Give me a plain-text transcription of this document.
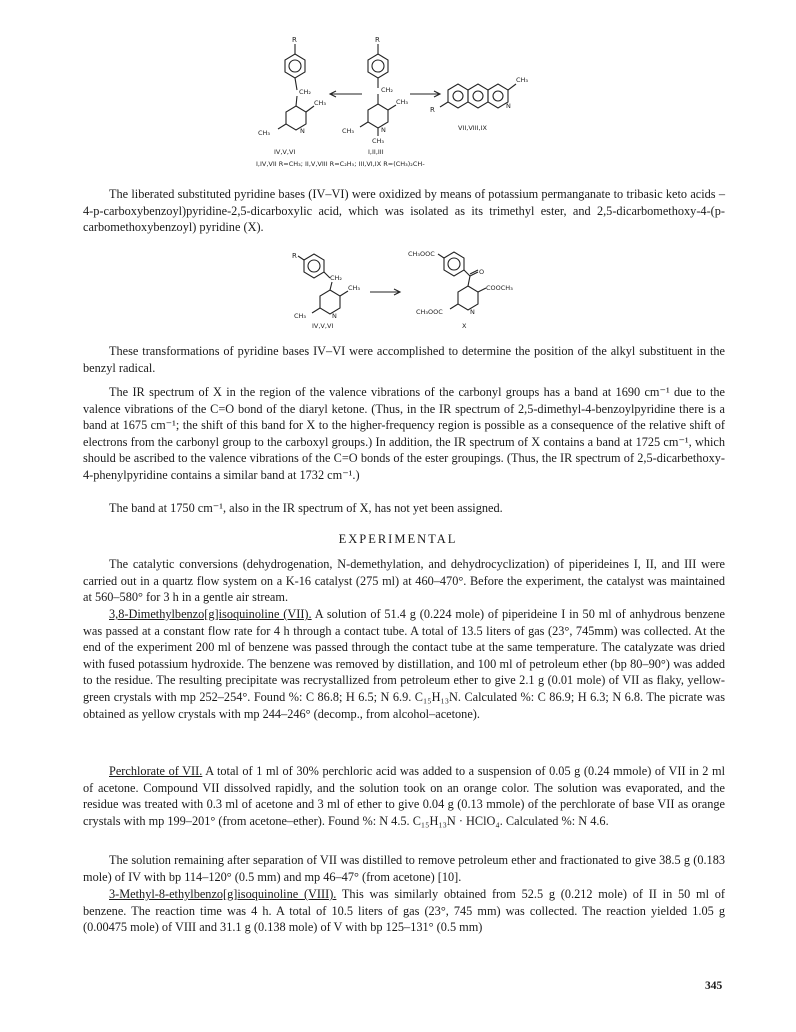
R
CH₂
CH₃
CH₃	N
IV,V,VI
R
CH₂
CH₃
CH₃	N
CH₃
I,II,III
R
CH₃
N
VII,VIII,IX
I,IV,VII R=CH₃; II,V,VIII R=C₂H₅; III,VI,IX R=(CH₃)₂CH-

The liberated substituted pyridine bases (IV–VI) were oxidized by means of potassium permanganate to tribasic keto acids – 4-p-carboxybenzoyl)pyridine-2,5-dicarboxylic acid, which was isolated as its trimethyl ester, and 2,5-dicarbomethoxy-4-(p-carbomethoxybenzoyl) pyridine (X).

R
CH₂
CH₃
CH₃	N
IV,V,VI
CH₃OOC
O
COOCH₃
CH₃OOC	N
X

These transformations of pyridine bases IV–VI were accomplished to determine the position of the alkyl substituent in the benzyl radical.

The IR spectrum of X in the region of the valence vibrations of the carbonyl groups has a band at 1690 cm⁻¹ due to the valence vibrations of the C=O bond of the diaryl ketone. (Thus, in the IR spectrum of 2,5-dimethyl-4-benzoylpyridine there is a band at 1675 cm⁻¹; the shift of this band for X to the higher-frequency region is possible as a consequence of the relative shift of electrons from the carbonyl group to the carboxyl groups.) In addition, the IR spectrum of X contains a band at 1725 cm⁻¹, which should be ascribed to the valence vibrations of the C=O bonds of the ester groupings. (Thus, the IR spectrum of 2,5-dicarbethoxy-4-phenylpyridine contains a similar band at 1732 cm⁻¹.)

The band at 1750 cm⁻¹, also in the IR spectrum of X, has not yet been assigned.

EXPERIMENTAL

The catalytic conversions (dehydrogenation, N-demethylation, and dehydrocyclization) of piperideines I, II, and III were carried out in a quartz flow system on a K-16 catalyst (275 ml) at 460–470°. Before the experiment, the catalyst was maintained at 560–580° for 3 h in a gentle air stream.

3,8-Dimethylbenzo[g]isoquinoline (VII). A solution of 51.4 g (0.224 mole) of piperideine I in 50 ml of anhydrous benzene was passed at a constant flow rate for 4 h through a contact tube. A total of 13.5 liters of gas (23°, 745mm) was collected. At the end of the experiment 200 ml of benzene was passed through the contact tube at the same temperature. The catalyzate was dried with fused potassium hydroxide. The benzene was removed by distillation, and 100 ml of petroleum ether (bp 80–90°) was added to the residue. The resulting precipitate was recrystallized from petroleum ether to give 2.1 g (0.01 mole) of VII as flaky, yellow-green crystals with mp 252–254°. Found %: C 86.8; H 6.5; N 6.9. C₁₅H₁₃N. Calculated %: C 86.9; H 6.3; N 6.8. The picrate was obtained as yellow crystals with mp 244–246° (decomp., from alcohol–acetone).

Perchlorate of VII. A total of 1 ml of 30% perchloric acid was added to a suspension of 0.05 g (0.24 mmole) of VII in 2 ml of acetone. Compound VII dissolved rapidly, and the solution took on an orange color. The solution was evaporated, and the residue was treated with 0.3 ml of acetone and 3 ml of ether to give 0.04 g (0.13 mmole) of the perchlorate of base VII as orange crystals with mp 199–201° (from acetone–ether). Found %: N 4.5. C₁₅H₁₃N · HClO₄. Calculated %: N 4.6.

The solution remaining after separation of VII was distilled to remove petroleum ether and fractionated to give 38.5 g (0.183 mole) of IV with bp 114–120° (0.5 mm) and mp 46–47° (from acetone) [10].

3-Methyl-8-ethylbenzo[g]isoquinoline (VIII). This was similarly obtained from 52.5 g (0.212 mole) of II in 50 ml of benzene. The reaction time was 4 h. A total of 10.5 liters of gas (23°, 745 mm) was collected. The reaction yielded 1.05 g (0.00475 mole) of VIII and 31.1 g (0.138 mole) of V with bp 125–131° (0.5 mm)

345
